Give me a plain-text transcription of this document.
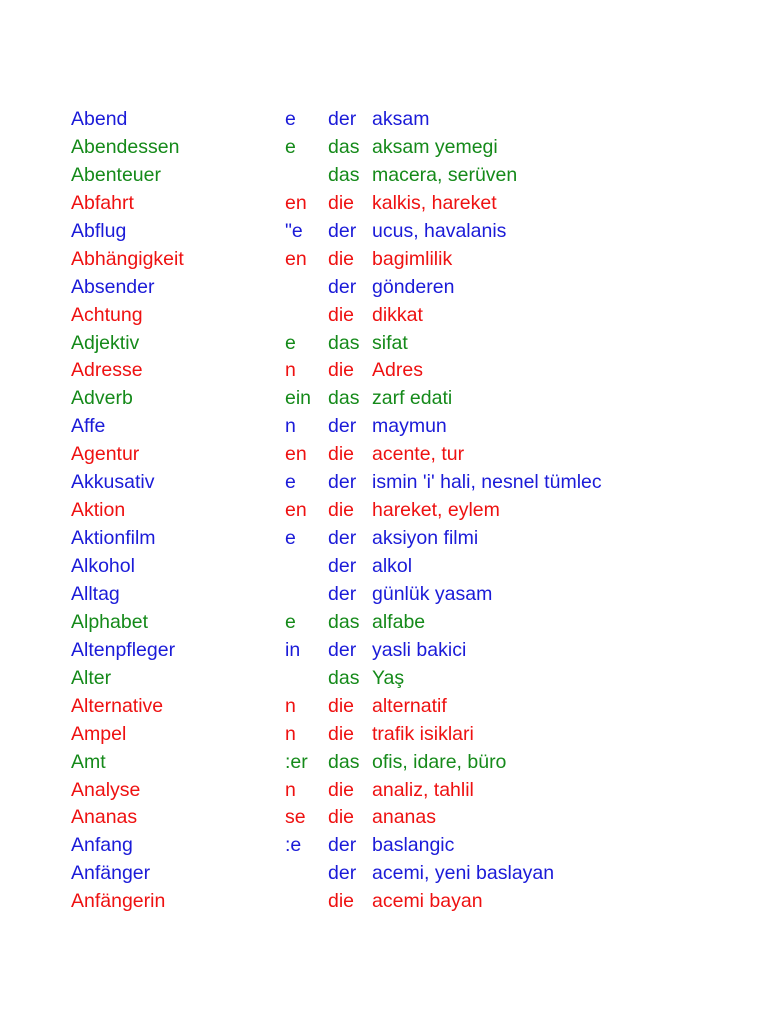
Abend	e der aksam
Abendessen	e das aksam yemegi
Abenteuer	das macera, serüven
Abfahrt	en die kalkis, hareket
Abflug	"e der ucus, havalanis
Abhängigkeit	en die bagimlilik
Absender	der gönderen
Achtung	die dikkat
Adjektiv	e das sifat
Adresse	n die Adres
Adverb	ein das zarf edati
Affe	n der maymun
Agentur	en die acente, tur
Akkusativ	e der ismin 'i' hali, nesnel tümlec
Aktion	en die hareket, eylem
Aktionfilm	e der aksiyon filmi
Alkohol	der alkol
Alltag	der günlük yasam
Alphabet	e das alfabe
Altenpfleger	in der yasli bakici
Alter	das Yaş
Alternative	n die alternatif
Ampel	n die trafik isiklari
Amt	:er das ofis, idare, büro
Analyse	n die analiz, tahlil
Ananas	se die ananas
Anfang	:e der baslangic
Anfänger	der acemi, yeni baslayan
Anfängerin	die acemi bayan
